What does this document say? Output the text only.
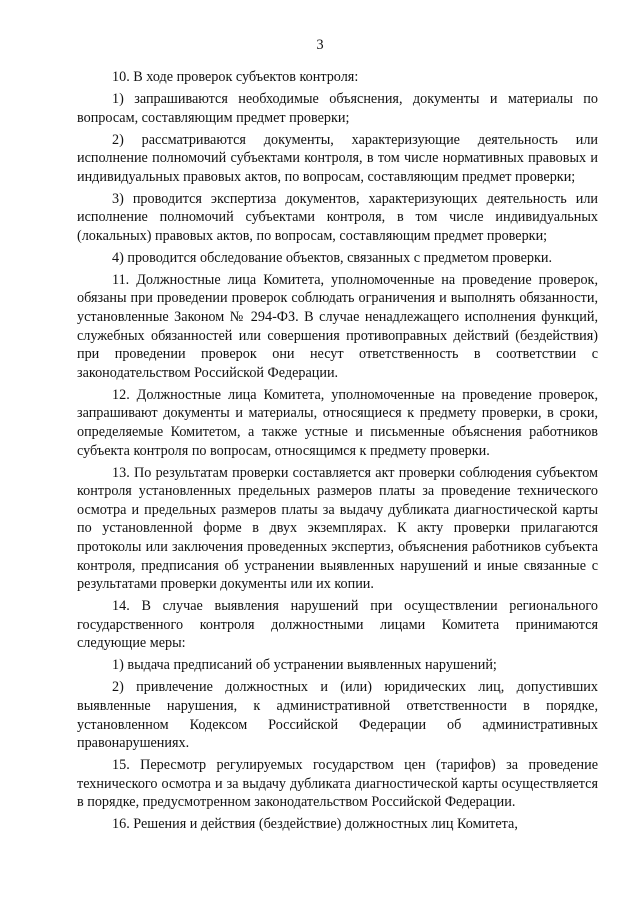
3

10. В ходе проверок субъектов контроля:

1) запрашиваются необходимые объяснения, документы и материалы по вопросам, составляющим предмет проверки;

2) рассматриваются документы, характеризующие деятельность или исполнение полномочий субъектами контроля, в том числе нормативных правовых и индивидуальных правовых актов, по вопросам, составляющим предмет проверки;

3) проводится экспертиза документов, характеризующих деятельность или исполнение полномочий субъектами контроля, в том числе индивидуальных (локальных) правовых актов, по вопросам, составляющим предмет проверки;

4) проводится обследование объектов, связанных с предметом проверки.

11. Должностные лица Комитета, уполномоченные на проведение проверок, обязаны при проведении проверок соблюдать ограничения и выполнять обязанности, установленные Законом № 294-ФЗ. В случае ненадлежащего исполнения функций, служебных обязанностей или совершения противоправных действий (бездействия) при проведении проверок они несут ответственность в соответствии с законодательством Российской Федерации.

12. Должностные лица Комитета, уполномоченные на проведение проверок, запрашивают документы и материалы, относящиеся к предмету проверки, в сроки, определяемые Комитетом, а также устные и письменные объяснения работников субъекта контроля по вопросам, относящимся к предмету проверки.

13. По результатам проверки составляется акт проверки соблюдения субъектом контроля установленных предельных размеров платы за проведение технического осмотра и предельных размеров платы за выдачу дубликата диагностической карты по установленной форме в двух экземплярах. К акту проверки прилагаются протоколы или заключения проведенных экспертиз, объяснения работников субъекта контроля, предписания об устранении выявленных нарушений и иные связанные с результатами проверки документы или их копии.

14. В случае выявления нарушений при осуществлении регионального государственного контроля должностными лицами Комитета принимаются следующие меры:

1) выдача предписаний об устранении выявленных нарушений;

2) привлечение должностных и (или) юридических лиц, допустивших выявленные нарушения, к административной ответственности в порядке, установленном Кодексом Российской Федерации об административных правонарушениях.

15. Пересмотр регулируемых государством цен (тарифов) за проведение технического осмотра и за выдачу дубликата диагностической карты осуществляется в порядке, предусмотренном законодательством Российской Федерации.

16. Решения и действия (бездействие) должностных лиц Комитета,
